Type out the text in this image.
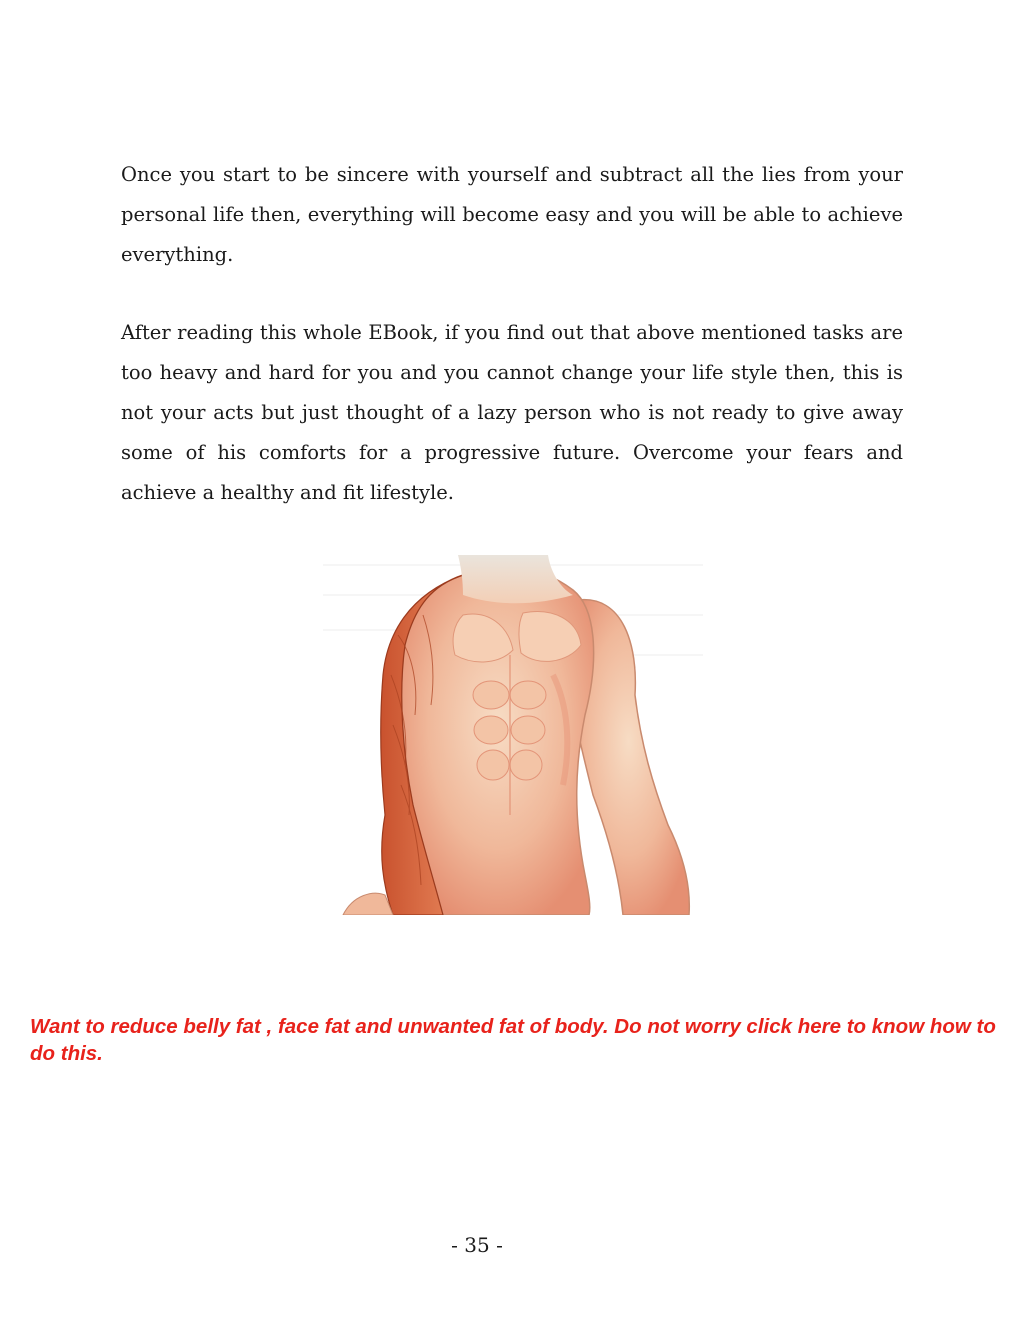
Once you start to be sincere with yourself and subtract all the lies from your personal life then, everything will become easy and you will be able to achieve everything.

After reading this whole EBook, if you find out that above mentioned tasks are too heavy and hard for you and you cannot change your life style then, this is not your acts but just thought of a lazy person who is not ready to give away some of his comforts for a progressive future. Overcome your fears and achieve a healthy and fit lifestyle.

Want to reduce belly fat , face fat and unwanted fat of body. Do not worry click here to know how to do this.

- 35 -
